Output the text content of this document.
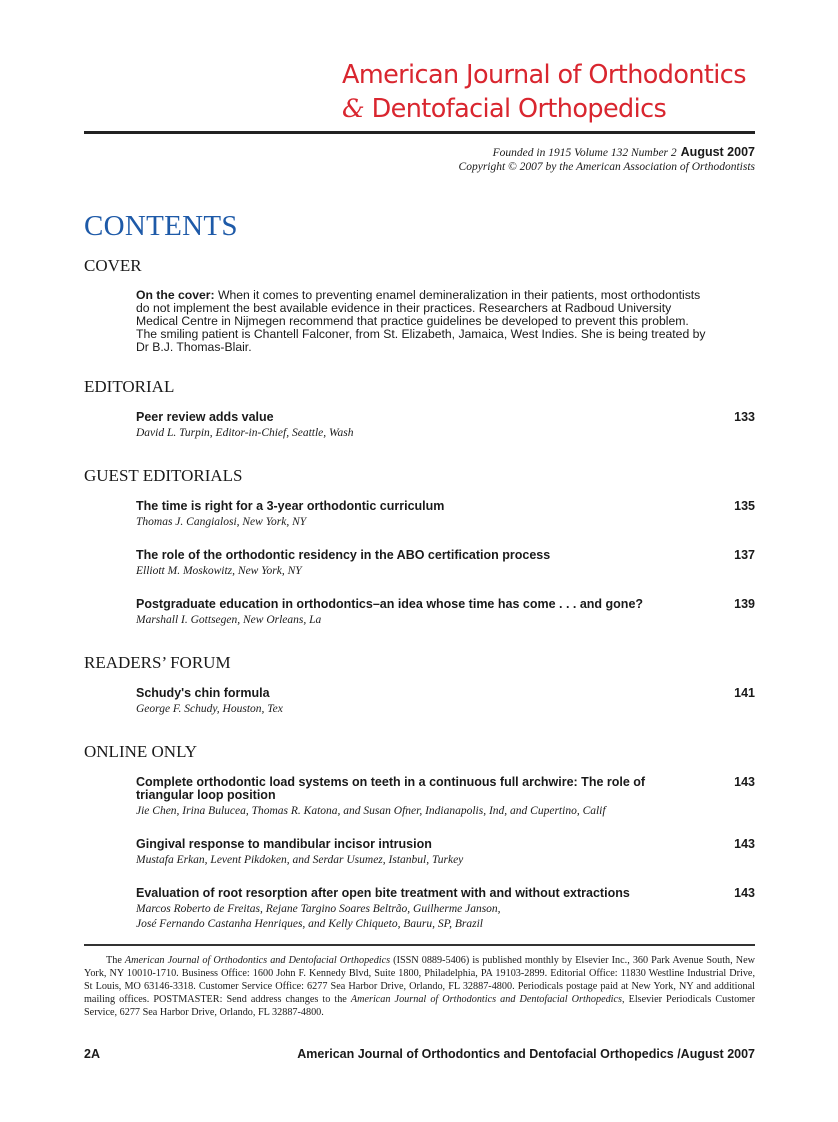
American Journal of Orthodontics
& Dentofacial Orthopedics
Founded in 1915 Volume 132 Number 2 August 2007
Copyright © 2007 by the American Association of Orthodontists
CONTENTS
COVER
On the cover: When it comes to preventing enamel demineralization in their patients, most orthodontists do not implement the best available evidence in their practices. Researchers at Radboud University Medical Centre in Nijmegen recommend that practice guidelines be developed to prevent this problem. The smiling patient is Chantell Falconer, from St. Elizabeth, Jamaica, West Indies. She is being treated by Dr B.J. Thomas-Blair.
EDITORIAL
Peer review adds value
David L. Turpin, Editor-in-Chief, Seattle, Wash
133
GUEST EDITORIALS
The time is right for a 3-year orthodontic curriculum
Thomas J. Cangialosi, New York, NY
135
The role of the orthodontic residency in the ABO certification process
Elliott M. Moskowitz, New York, NY
137
Postgraduate education in orthodontics–an idea whose time has come . . . and gone?
Marshall I. Gottsegen, New Orleans, La
139
READERS’ FORUM
Schudy's chin formula
George F. Schudy, Houston, Tex
141
ONLINE ONLY
Complete orthodontic load systems on teeth in a continuous full archwire: The role of triangular loop position
Jie Chen, Irina Bulucea, Thomas R. Katona, and Susan Ofner, Indianapolis, Ind, and Cupertino, Calif
143
Gingival response to mandibular incisor intrusion
Mustafa Erkan, Levent Pikdoken, and Serdar Usumez, Istanbul, Turkey
143
Evaluation of root resorption after open bite treatment with and without extractions
Marcos Roberto de Freitas, Rejane Targino Soares Beltrão, Guilherme Janson,
José Fernando Castanha Henriques, and Kelly Chiqueto, Bauru, SP, Brazil
143
The American Journal of Orthodontics and Dentofacial Orthopedics (ISSN 0889-5406) is published monthly by Elsevier Inc., 360 Park Avenue South, New York, NY 10010-1710. Business Office: 1600 John F. Kennedy Blvd, Suite 1800, Philadelphia, PA 19103-2899. Editorial Office: 11830 Westline Industrial Drive, St Louis, MO 63146-3318. Customer Service Office: 6277 Sea Harbor Drive, Orlando, FL 32887-4800. Periodicals postage paid at New York, NY and additional mailing offices. POSTMASTER: Send address changes to the American Journal of Orthodontics and Dentofacial Orthopedics, Elsevier Periodicals Customer Service, 6277 Sea Harbor Drive, Orlando, FL 32887-4800.
2A	American Journal of Orthodontics and Dentofacial Orthopedics /August 2007
